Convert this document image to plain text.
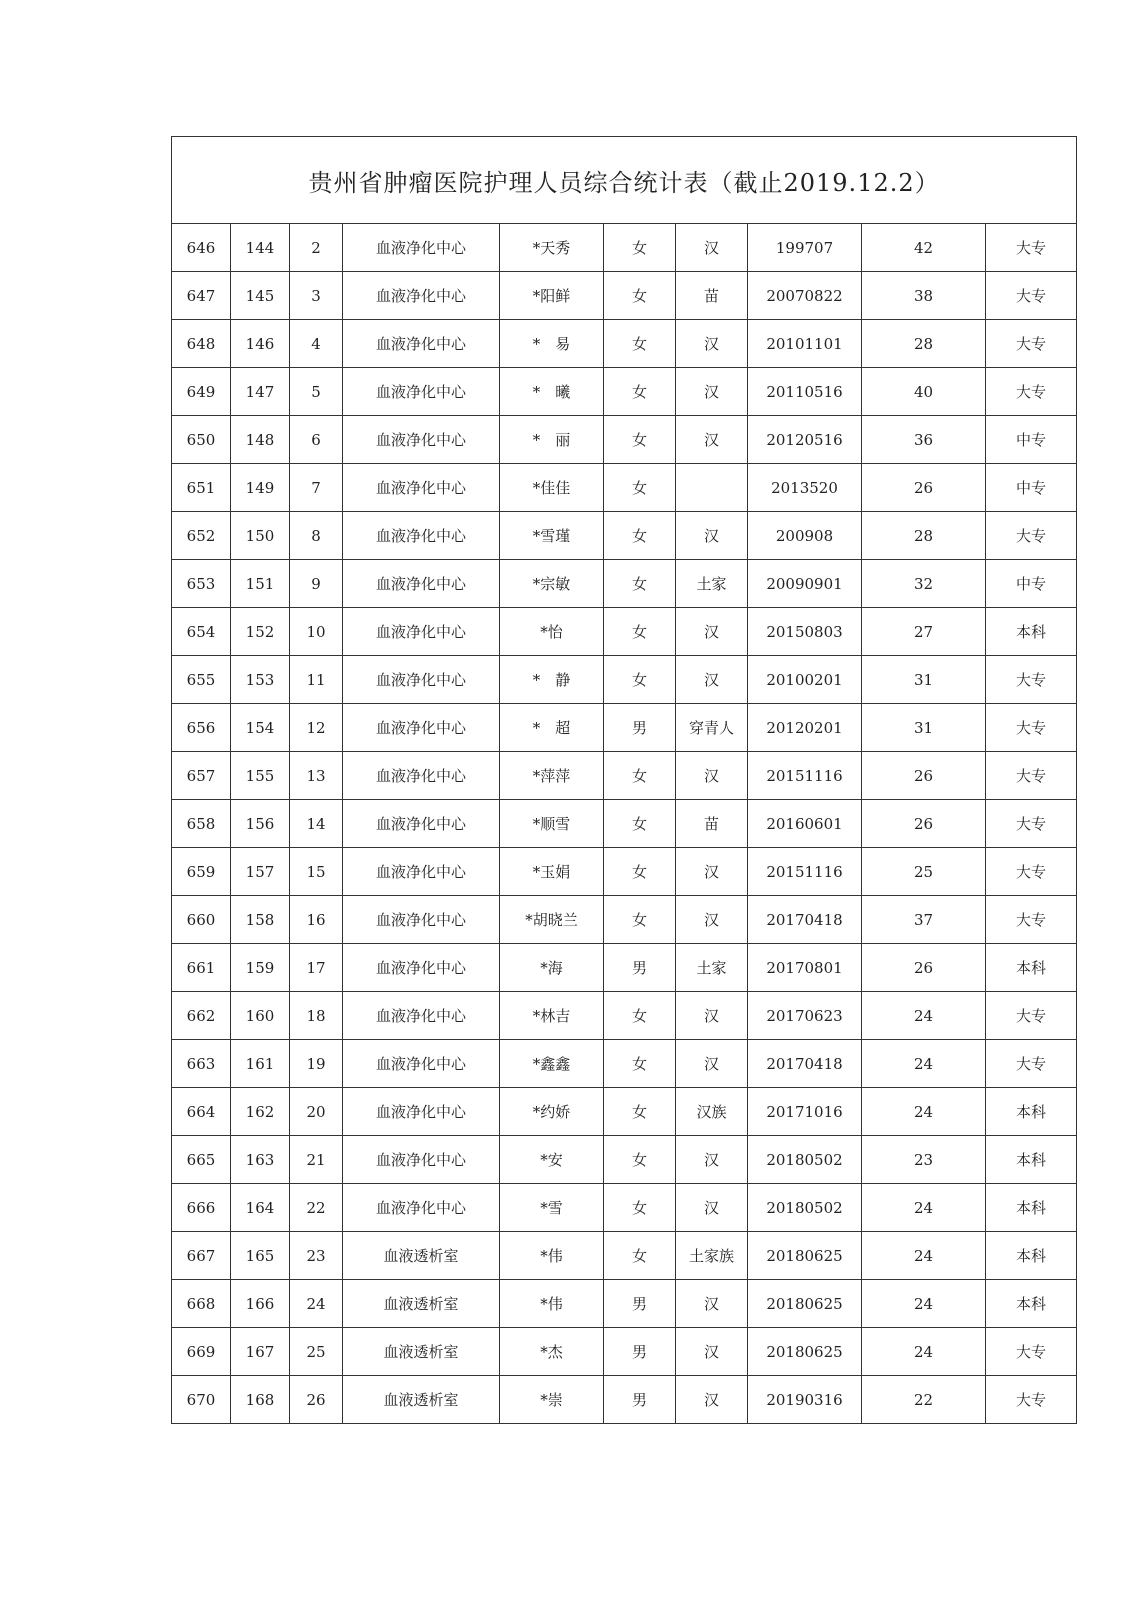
贵州省肿瘤医院护理人员综合统计表（截止2019.12.2）									
646	144	2	血液净化中心	*天秀	女	汉	199707	42	大专
647	145	3	血液净化中心	*阳鲜	女	苗	20070822	38	大专
648	146	4	血液净化中心	*　易	女	汉	20101101	28	大专
649	147	5	血液净化中心	*　曦	女	汉	20110516	40	大专
650	148	6	血液净化中心	*　丽	女	汉	20120516	36	中专
651	149	7	血液净化中心	*佳佳	女		2013520	26	中专
652	150	8	血液净化中心	*雪瑾	女	汉	200908	28	大专
653	151	9	血液净化中心	*宗敏	女	土家	20090901	32	中专
654	152	10	血液净化中心	*怡	女	汉	20150803	27	本科
655	153	11	血液净化中心	*　静	女	汉	20100201	31	大专
656	154	12	血液净化中心	*　超	男	穿青人	20120201	31	大专
657	155	13	血液净化中心	*萍萍	女	汉	20151116	26	大专
658	156	14	血液净化中心	*顺雪	女	苗	20160601	26	大专
659	157	15	血液净化中心	*玉娟	女	汉	20151116	25	大专
660	158	16	血液净化中心	*胡晓兰	女	汉	20170418	37	大专
661	159	17	血液净化中心	*海	男	土家	20170801	26	本科
662	160	18	血液净化中心	*林吉	女	汉	20170623	24	大专
663	161	19	血液净化中心	*鑫鑫	女	汉	20170418	24	大专
664	162	20	血液净化中心	*约娇	女	汉族	20171016	24	本科
665	163	21	血液净化中心	*安	女	汉	20180502	23	本科
666	164	22	血液净化中心	*雪	女	汉	20180502	24	本科
667	165	23	血液透析室	*伟	女	土家族	20180625	24	本科
668	166	24	血液透析室	*伟	男	汉	20180625	24	本科
669	167	25	血液透析室	*杰	男	汉	20180625	24	大专
670	168	26	血液透析室	*崇	男	汉	20190316	22	大专
